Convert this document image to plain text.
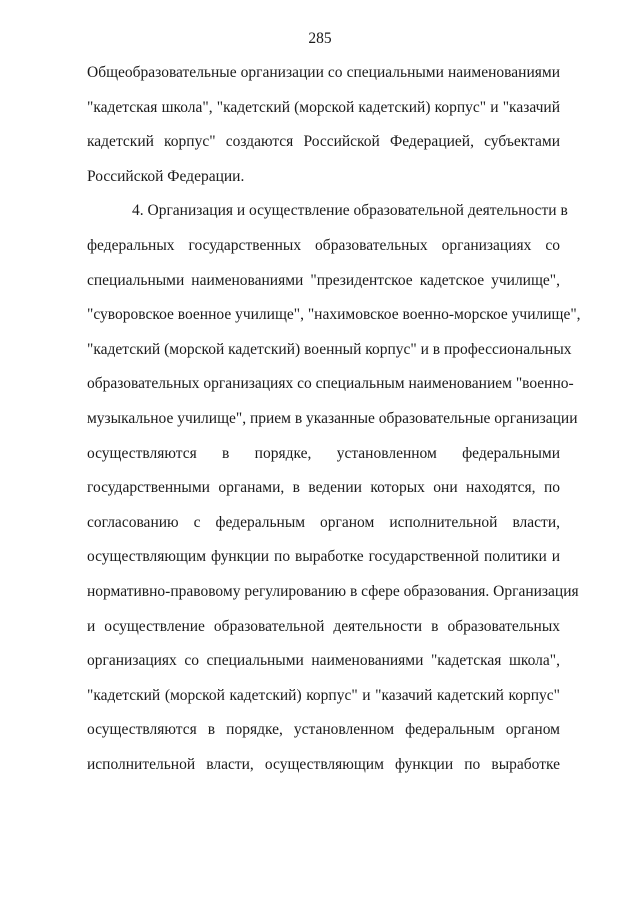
285
Общеобразовательные организации со специальными наименованиями
"кадетская школа", "кадетский (морской кадетский) корпус" и "казачий
кадетский корпус" создаются Российской Федерацией, субъектами
Российской Федерации.
4. Организация и осуществление образовательной деятельности в
федеральных государственных образовательных организациях со
специальными наименованиями "президентское кадетское училище",
"суворовское военное училище", "нахимовское военно-морское училище",
"кадетский (морской кадетский) военный корпус" и в профессиональных
образовательных организациях со специальным наименованием "военно-
музыкальное училище", прием в указанные образовательные организации
осуществляются в порядке, установленном федеральными
государственными органами, в ведении которых они находятся, по
согласованию с федеральным органом исполнительной власти,
осуществляющим функции по выработке государственной политики и
нормативно-правовому регулированию в сфере образования. Организация
и осуществление образовательной деятельности в образовательных
организациях со специальными наименованиями "кадетская школа",
"кадетский (морской кадетский) корпус" и "казачий кадетский корпус"
осуществляются в порядке, установленном федеральным органом
исполнительной власти, осуществляющим функции по выработке
